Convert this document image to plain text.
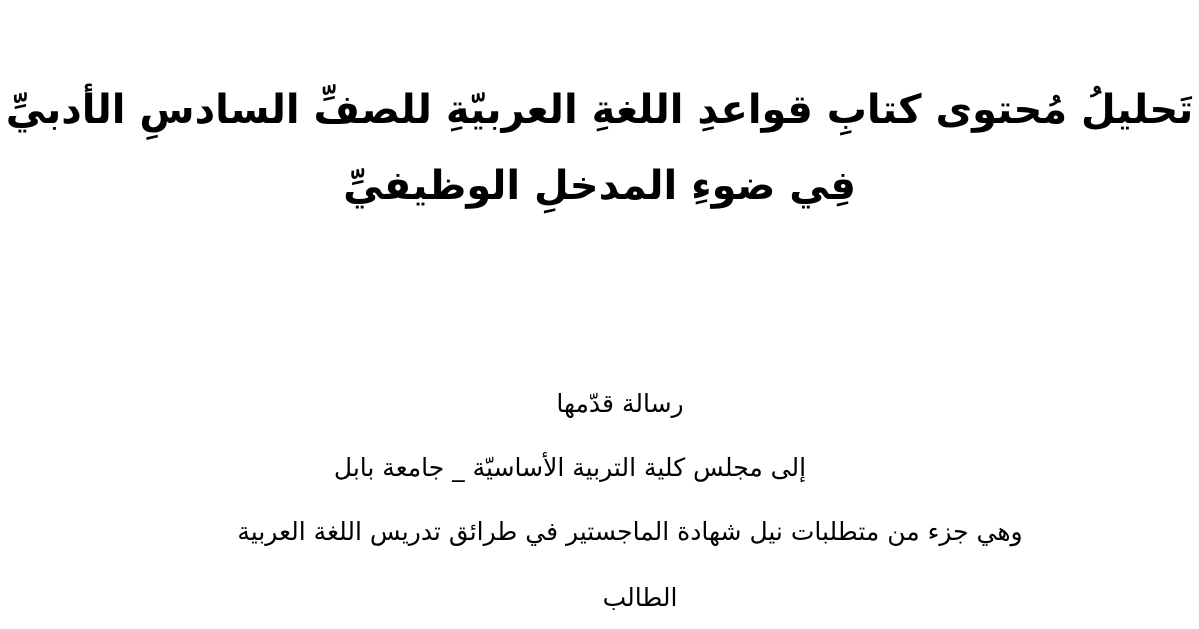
تَحليلُ مُحتوى كتابِ قواعدِ اللغةِ العربيّةِ للصفِّ السادسِ الأدبيِّ
فِي ضوءِ المدخلِ الوظيفيِّ
رسالة قدّمها
إلى مجلس كلية التربية الأساسيّة _ جامعة بابل
وهي جزء من متطلبات نيل شهادة الماجستير في طرائق تدريس اللغة العربية
الطالب
